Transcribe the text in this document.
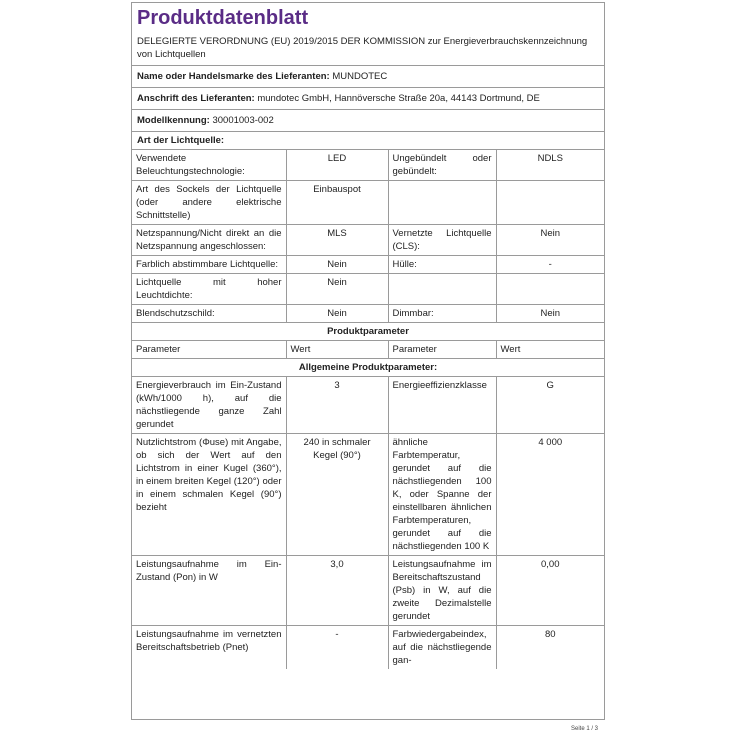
Produktdatenblatt
DELEGIERTE VERORDNUNG (EU) 2019/2015 DER KOMMISSION zur Energieverbrauchskennzeichnung von Lichtquellen
Name oder Handelsmarke des Lieferanten: MUNDOTEC
Anschrift des Lieferanten: mundotec GmbH, Hannöversche Straße 20a, 44143 Dortmund, DE
Modellkennung: 30001003-002
Art der Lichtquelle:
Verwendete Beleuchtungstechnologie:	LED	Ungebündelt oder gebündelt:	NDLS
Art des Sockels der Lichtquelle (oder andere elektrische Schnittstelle)	Einbauspot		
Netzspannung/Nicht direkt an die Netzspannung angeschlossen:	MLS	Vernetzte Lichtquelle (CLS):	Nein
Farblich abstimmbare Lichtquelle:	Nein	Hülle:	-
Lichtquelle mit hoher Leuchtdichte:	Nein		
Blendschutzschild:	Nein	Dimmbar:	Nein
Produktparameter			
Parameter	Wert	Parameter	Wert
Allgemeine Produktparameter:			
Energieverbrauch im Ein-Zustand (kWh/1000 h), auf die nächstliegende ganze Zahl gerundet	3	Energieeffizienzklasse	G
Nutzlichtstrom (Φuse) mit Angabe, ob sich der Wert auf den Lichtstrom in einer Kugel (360°), in einem breiten Kegel (120°) oder in einem schmalen Kegel (90°) bezieht	240 in schmaler Kegel (90°)	ähnliche Farbtemperatur, gerundet auf die nächstliegenden 100 K, oder Spanne der einstellbaren ähnlichen Farbtemperaturen, gerundet auf die nächstliegenden 100 K	4 000
Leistungsaufnahme im Ein-Zustand (Pon) in W	3,0	Leistungsaufnahme im Bereitschaftszustand (Psb) in W, auf die zweite Dezimalstelle gerundet	0,00
Leistungsaufnahme im vernetzten Bereitschaftsbetrieb (Pnet)	-	Farbwiedergabeindex, auf die nächstliegende gan-	80
Seite 1 / 3
